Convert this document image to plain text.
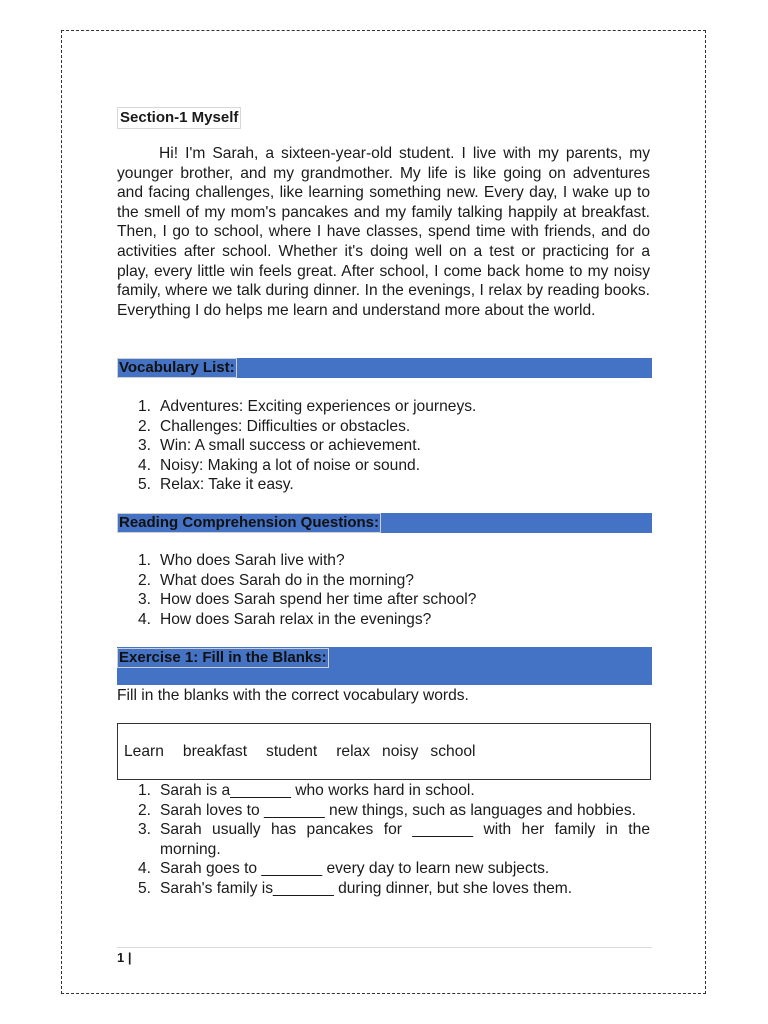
Section-1 Myself

Hi! I'm Sarah, a sixteen-year-old student. I live with my parents, my younger brother, and my grandmother. My life is like going on adventures and facing challenges, like learning something new. Every day, I wake up to the smell of my mom's pancakes and my family talking happily at breakfast. Then, I go to school, where I have classes, spend time with friends, and do activities after school. Whether it's doing well on a test or practicing for a play, every little win feels great. After school, I come back home to my noisy family, where we talk during dinner. In the evenings, I relax by reading books. Everything I do helps me learn and understand more about the world.

Vocabulary List:
1. Adventures: Exciting experiences or journeys.
2. Challenges: Difficulties or obstacles.
3. Win: A small success or achievement.
4. Noisy: Making a lot of noise or sound.
5. Relax: Take it easy.
Reading Comprehension Questions:
1. Who does Sarah live with?
2. What does Sarah do in the morning?
3. How does Sarah spend her time after school?
4. How does Sarah relax in the evenings?
Exercise 1: Fill in the Blanks:

Fill in the blanks with the correct vocabulary words.

Learn breakfast student relax noisy school
1. Sarah is a_______ who works hard in school.
2. Sarah loves to _______ new things, such as languages and hobbies.
3. Sarah usually has pancakes for _______ with her family in the morning.
4. Sarah goes to _______ every day to learn new subjects.
5. Sarah's family is_______ during dinner, but she loves them.
1 |
